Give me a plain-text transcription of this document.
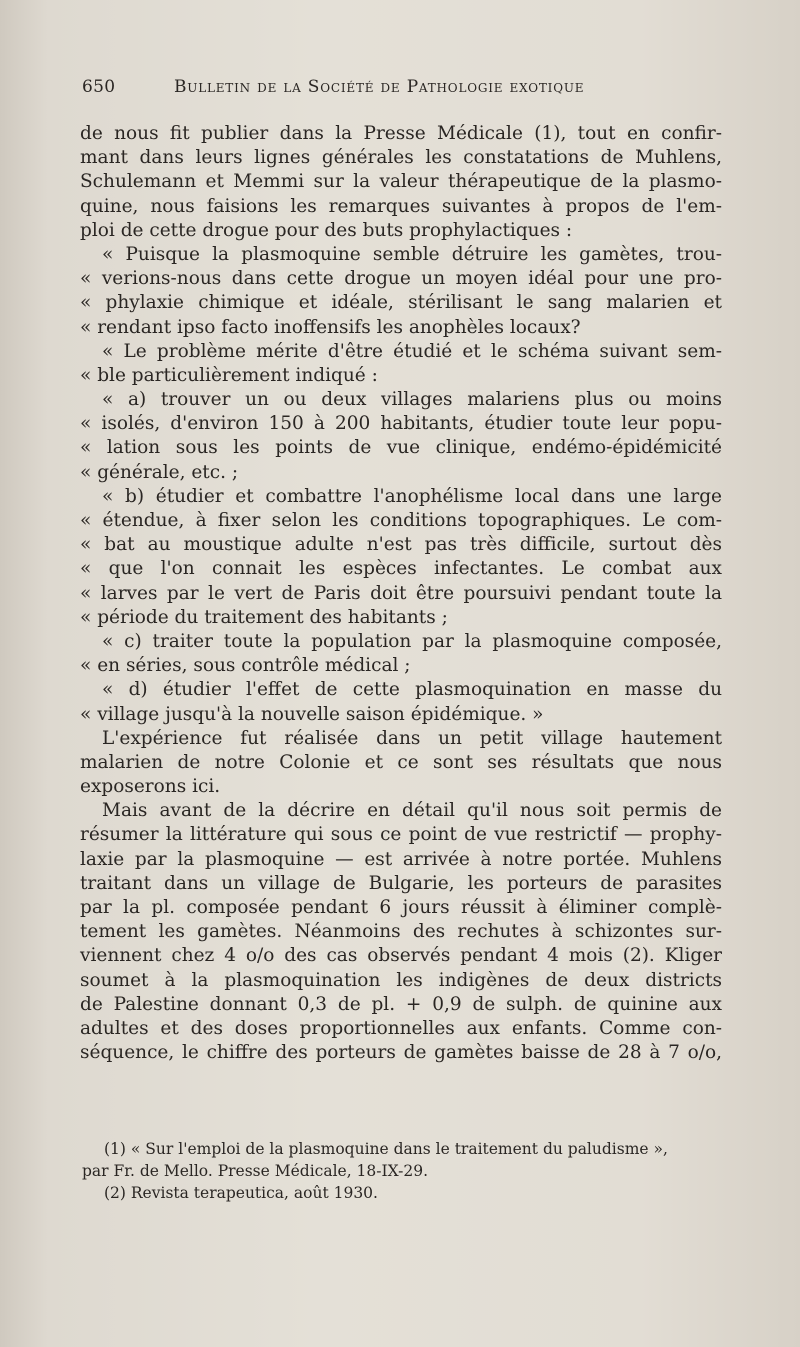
650	Bulletin de la Société de Pathologie exotique
de nous fit publier dans la Presse Médicale (1), tout en confir-
mant dans leurs lignes générales les constatations de Muhlens,
Schulemann et Memmi sur la valeur thérapeutique de la plasmo-
quine, nous faisions les remarques suivantes à propos de l'em-
ploi de cette drogue pour des buts prophylactiques :
« Puisque la plasmoquine semble détruire les gamètes, trou-
« verions-nous dans cette drogue un moyen idéal pour une pro-
« phylaxie chimique et idéale, stérilisant le sang malarien et
« rendant ipso facto inoffensifs les anophèles locaux?
« Le problème mérite d'être étudié et le schéma suivant sem-
« ble particulièrement indiqué :
« a) trouver un ou deux villages malariens plus ou moins
« isolés, d'environ 150 à 200 habitants, étudier toute leur popu-
« lation sous les points de vue clinique, endémo-épidémicité
« générale, etc. ;
« b) étudier et combattre l'anophélisme local dans une large
« étendue, à fixer selon les conditions topographiques. Le com-
« bat au moustique adulte n'est pas très difficile, surtout dès
« que l'on connait les espèces infectantes. Le combat aux
« larves par le vert de Paris doit être poursuivi pendant toute la
« période du traitement des habitants ;
« c) traiter toute la population par la plasmoquine composée,
« en séries, sous contrôle médical ;
« d) étudier l'effet de cette plasmoquination en masse du
« village jusqu'à la nouvelle saison épidémique. »
L'expérience fut réalisée dans un petit village hautement
malarien de notre Colonie et ce sont ses résultats que nous
exposerons ici.
Mais avant de la décrire en détail qu'il nous soit permis de
résumer la littérature qui sous ce point de vue restrictif — prophy-
laxie par la plasmoquine — est arrivée à notre portée. Muhlens
traitant dans un village de Bulgarie, les porteurs de parasites
par la pl. composée pendant 6 jours réussit à éliminer complè-
tement les gamètes. Néanmoins des rechutes à schizontes sur-
viennent chez 4 o/o des cas observés pendant 4 mois (2). Kliger
soumet à la plasmoquination les indigènes de deux districts
de Palestine donnant 0,3 de pl. + 0,9 de sulph. de quinine aux
adultes et des doses proportionnelles aux enfants. Comme con-
séquence, le chiffre des porteurs de gamètes baisse de 28 à 7 o/o,
(1) « Sur l'emploi de la plasmoquine dans le traitement du paludisme »,
par Fr. de Mello. Presse Médicale, 18-IX-29.
(2) Revista terapeutica, août 1930.
